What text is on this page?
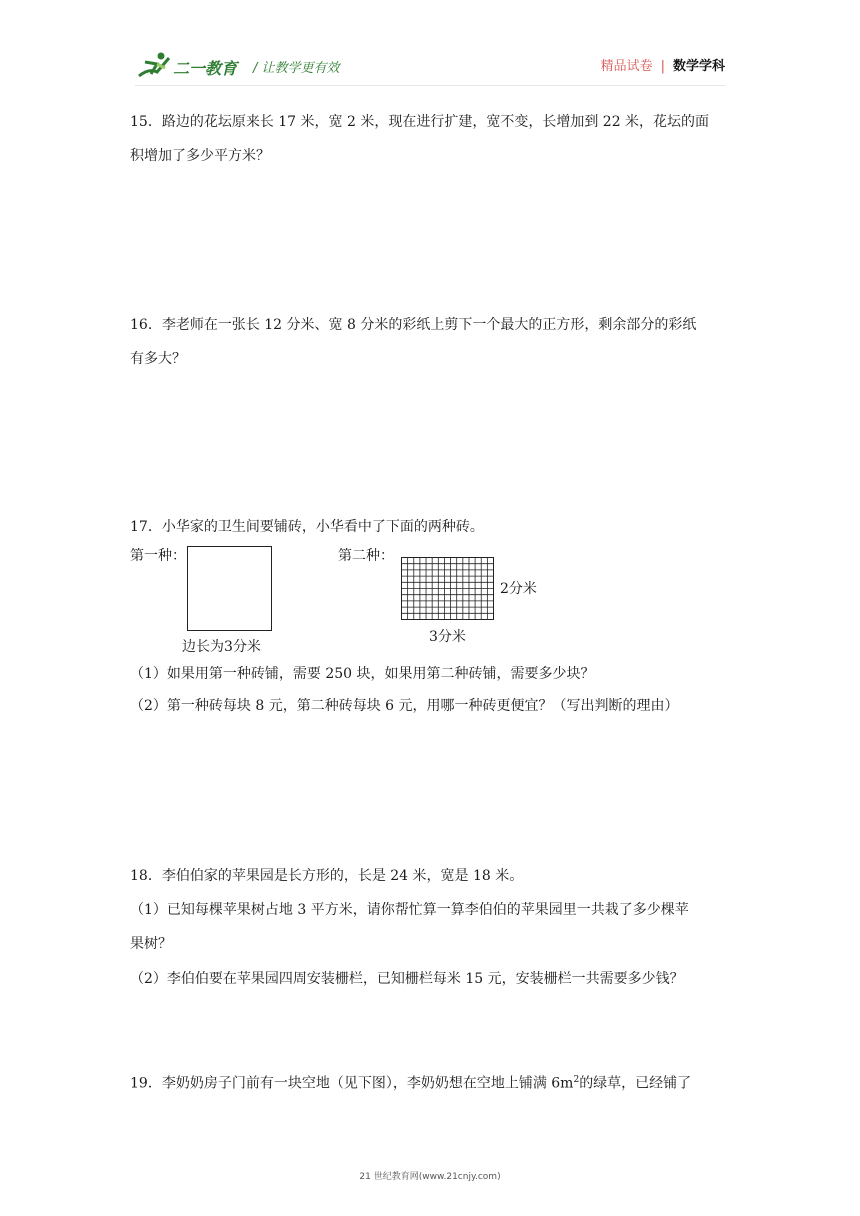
二一教育 / 让教学更有效	精品试卷 | 数学学科
15．路边的花坛原来长 17 米，宽 2 米，现在进行扩建，宽不变，长增加到 22 米，花坛的面
积增加了多少平方米？
16．李老师在一张长 12 分米、宽 8 分米的彩纸上剪下一个最大的正方形，剩余部分的彩纸
有多大？
17．小华家的卫生间要铺砖，小华看中了下面的两种砖。
第一种：
边长为3分米
第二种：
2分米
3分米
（1）如果用第一种砖铺，需要 250 块，如果用第二种砖铺，需要多少块？
（2）第一种砖每块 8 元，第二种砖每块 6 元，用哪一种砖更便宜？（写出判断的理由）
18．李伯伯家的苹果园是长方形的，长是 24 米，宽是 18 米。
（1）已知每棵苹果树占地 3 平方米，请你帮忙算一算李伯伯的苹果园里一共栽了多少棵苹
果树？
（2）李伯伯要在苹果园四周安装栅栏，已知栅栏每米 15 元，安装栅栏一共需要多少钱？
19．李奶奶房子门前有一块空地（见下图），李奶奶想在空地上铺满 $6m^2$的绿草，已经铺了
21 世纪教育网(www.21cnjy.com)
